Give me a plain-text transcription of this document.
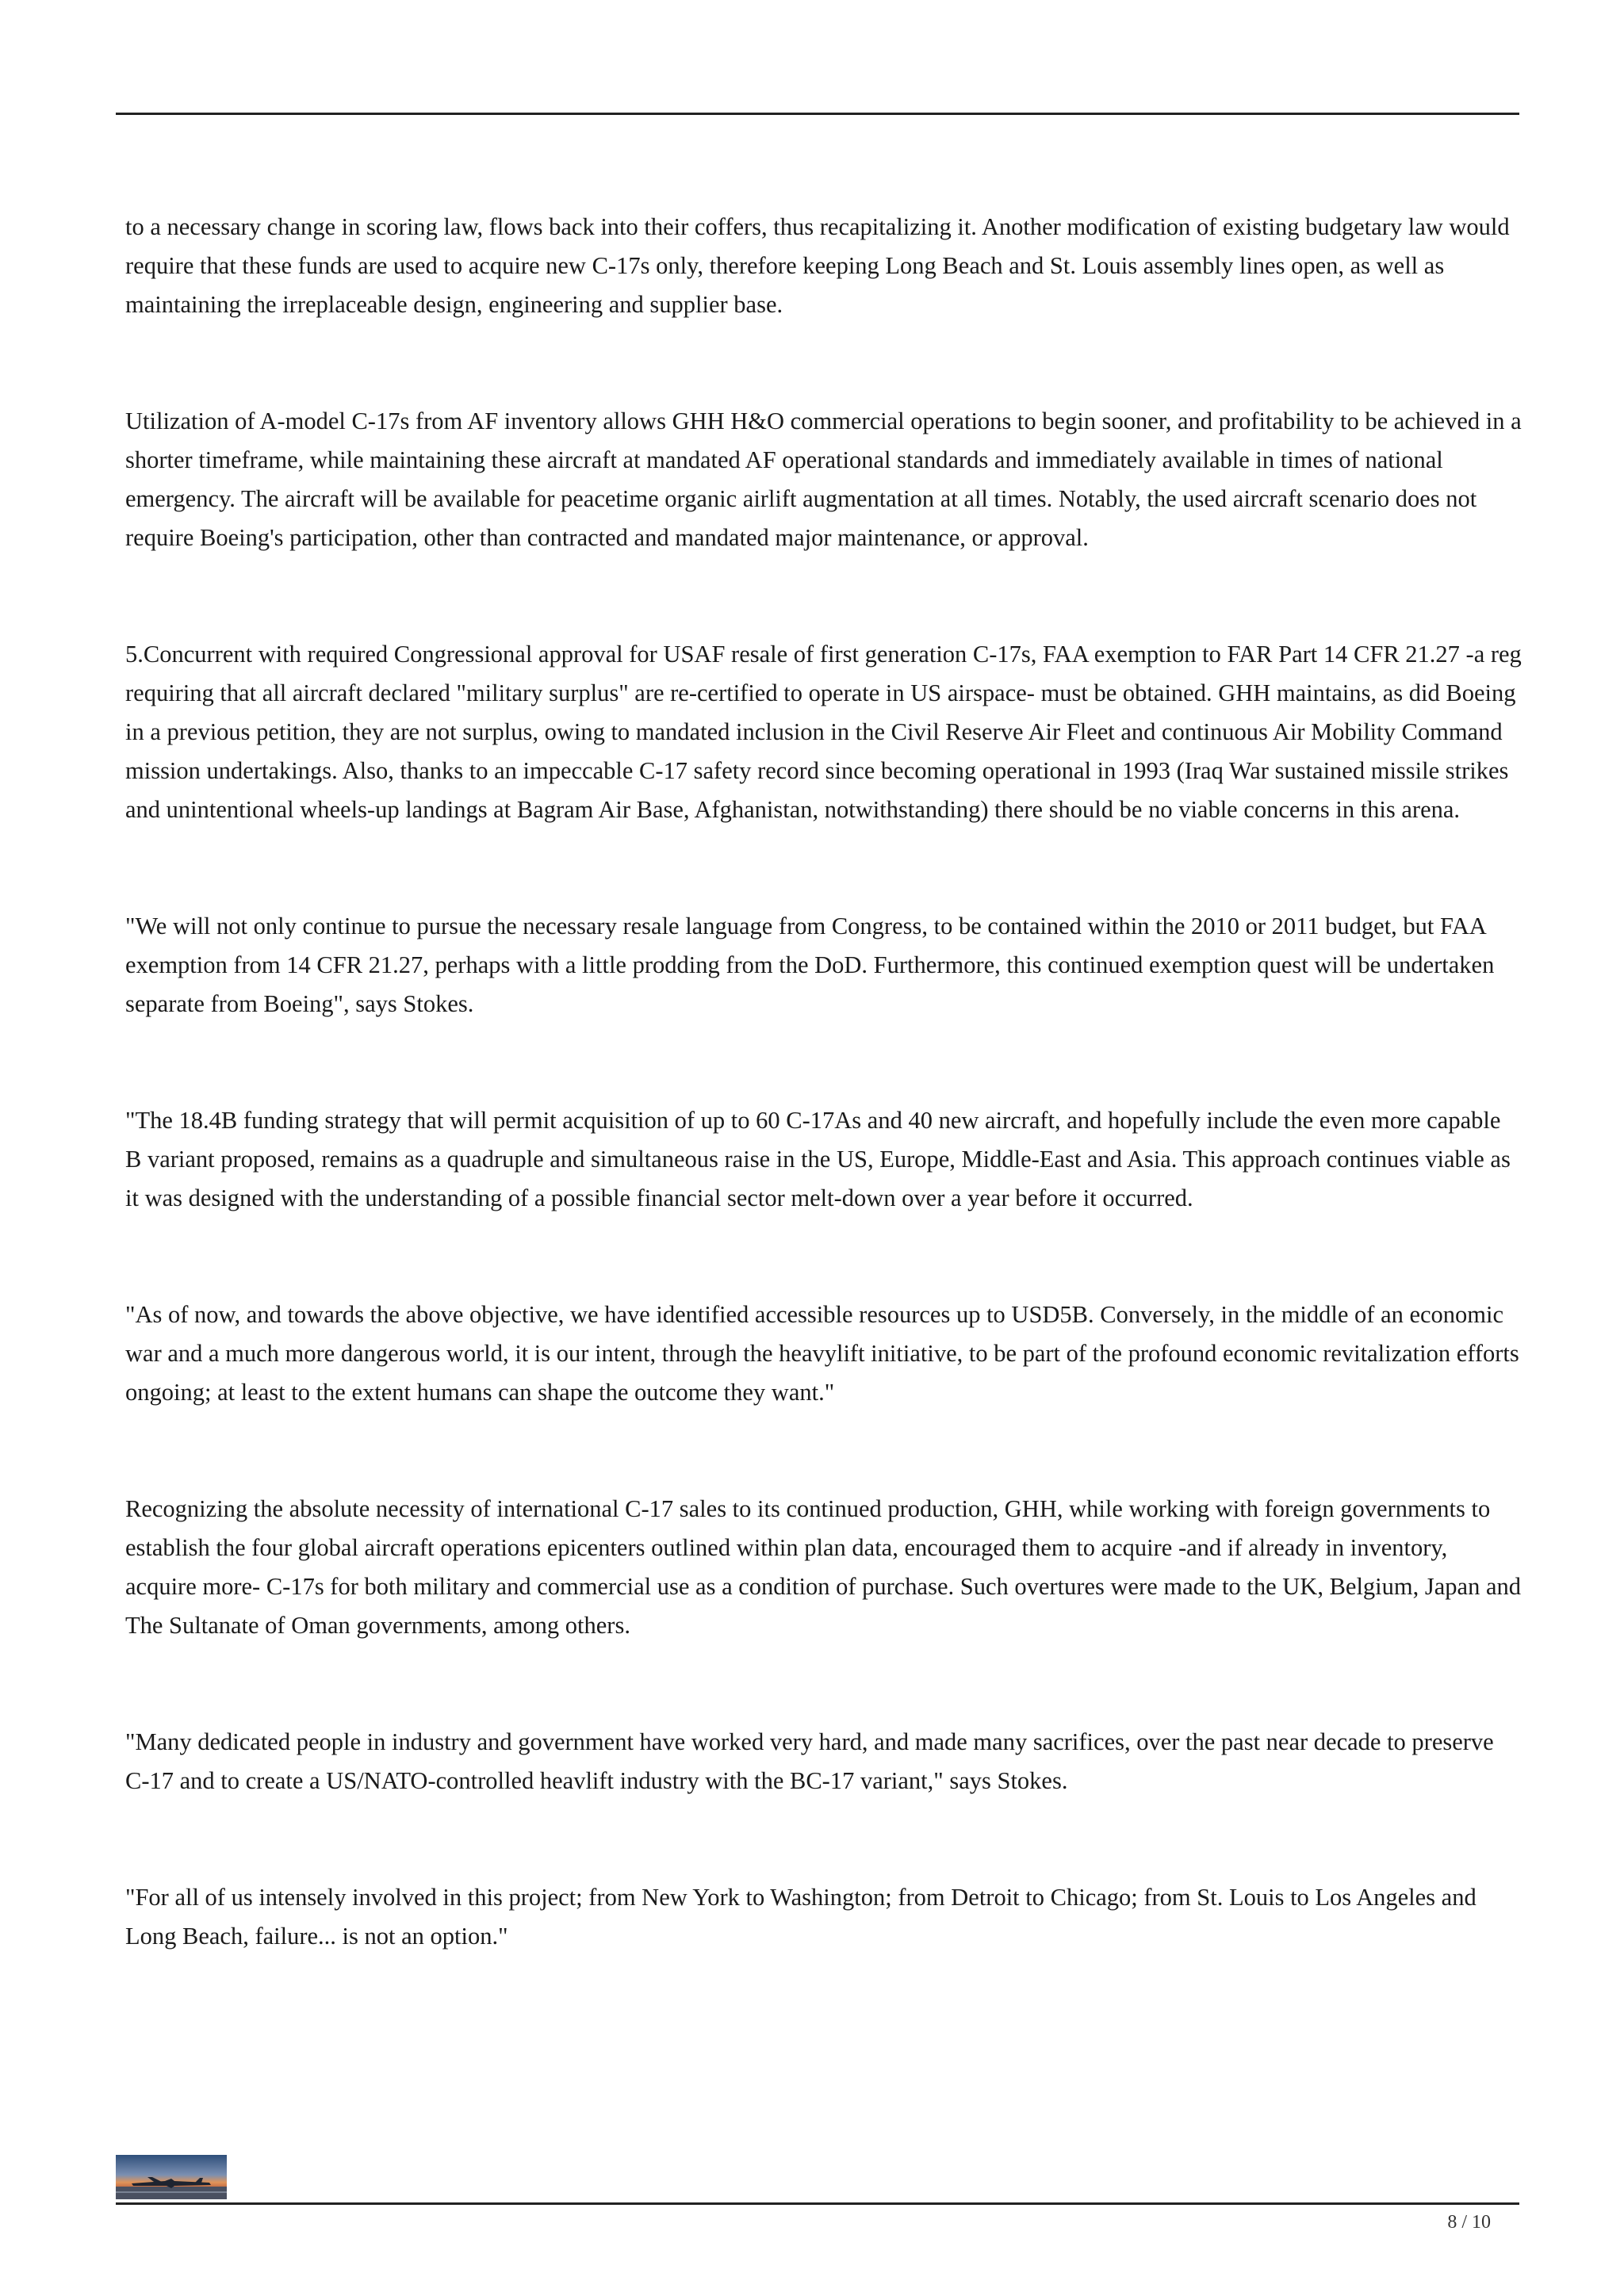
to a necessary change in scoring law, flows back into their coffers, thus recapitalizing it. Another modification of existing budgetary law would require that these funds are used to acquire new C-17s only, therefore keeping Long Beach and St. Louis assembly lines open, as well as maintaining the irreplaceable design, engineering and supplier base.

Utilization of A-model C-17s from AF inventory allows GHH H&O commercial operations to begin sooner, and profitability to be achieved in a shorter timeframe, while maintaining these aircraft at mandated AF operational standards and immediately available in times of national emergency. The aircraft will be available for peacetime organic airlift augmentation at all times. Notably, the used aircraft scenario does not require Boeing's participation, other than contracted and mandated major maintenance, or approval.

5.Concurrent with required Congressional approval for USAF resale of first generation C-17s, FAA exemption to FAR Part 14 CFR 21.27 -a reg requiring that all aircraft declared "military surplus" are re-certified to operate in US airspace- must be obtained. GHH maintains, as did Boeing in a previous petition, they are not surplus, owing to mandated inclusion in the Civil Reserve Air Fleet and continuous Air Mobility Command mission undertakings. Also, thanks to an impeccable C-17 safety record since becoming operational in 1993 (Iraq War sustained missile strikes and unintentional wheels-up landings at Bagram Air Base, Afghanistan, notwithstanding) there should be no viable concerns in this arena.

"We will not only continue to pursue the necessary resale language from Congress, to be contained within the 2010 or 2011 budget, but FAA exemption from 14 CFR 21.27, perhaps with a little prodding from the DoD. Furthermore, this continued exemption quest will be undertaken separate from Boeing", says Stokes.

"The 18.4B funding strategy that will permit acquisition of up to 60 C-17As and 40 new aircraft, and hopefully include the even more capable B variant proposed, remains as a quadruple and simultaneous raise in the US, Europe, Middle-East and Asia. This approach continues viable as it was designed with the understanding of a possible financial sector melt-down over a year before it occurred.

"As of now, and towards the above objective, we have identified accessible resources up to USD5B. Conversely, in the middle of an economic war and a much more dangerous world, it is our intent, through the heavylift initiative, to be part of the profound economic revitalization efforts ongoing; at least to the extent humans can shape the outcome they want."

Recognizing the absolute necessity of international C-17 sales to its continued production, GHH, while working with foreign governments to establish the four global aircraft operations epicenters outlined within plan data, encouraged them to acquire -and if already in inventory, acquire more- C-17s for both military and commercial use as a condition of purchase. Such overtures were made to the UK, Belgium, Japan and The Sultanate of Oman governments, among others.

"Many dedicated people in industry and government have worked very hard, and made many sacrifices, over the past near decade to preserve C-17 and to create a US/NATO-controlled heavlift industry with the BC-17 variant," says Stokes.

"For all of us intensely involved in this project; from New York to Washington; from Detroit to Chicago; from St. Louis to Los Angeles and Long Beach, failure... is not an option."

8 / 10
